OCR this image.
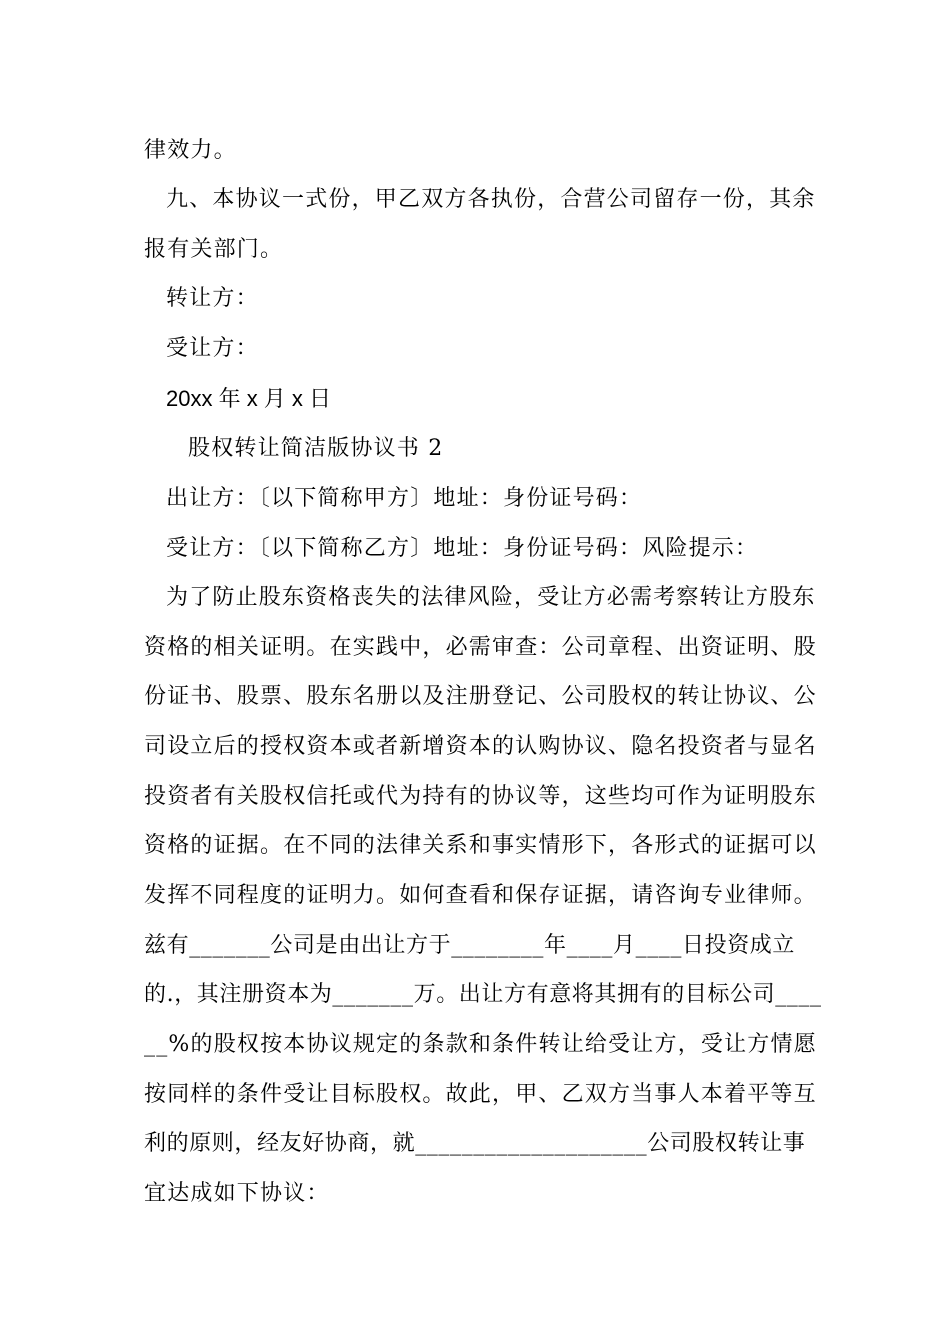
律效力。
九、本协议一式份，甲乙双方各执份，合营公司留存一份，其余
报有关部门。
转让方：
受让方：
20xx 年 x 月 x 日
股权转让简洁版协议书 2
出让方：〔以下简称甲方〕地址：身份证号码：
受让方：〔以下简称乙方〕地址：身份证号码：风险提示：
为了防止股东资格丧失的法律风险，受让方必需考察转让方股东
资格的相关证明。在实践中，必需审查：公司章程、出资证明、股
份证书、股票、股东名册以及注册登记、公司股权的转让协议、公
司设立后的授权资本或者新增资本的认购协议、隐名投资者与显名
投资者有关股权信托或代为持有的协议等，这些均可作为证明股东
资格的证据。在不同的法律关系和事实情形下，各形式的证据可以
发挥不同程度的证明力。如何查看和保存证据，请咨询专业律师。
兹有_______公司是由出让方于________年____月____日投资成立
的.，其注册资本为_______万。出让方有意将其拥有的目标公司____
__%的股权按本协议规定的条款和条件转让给受让方，受让方情愿
按同样的条件受让目标股权。故此，甲、乙双方当事人本着平等互
利的原则，经友好协商，就____________________公司股权转让事
宜达成如下协议：
